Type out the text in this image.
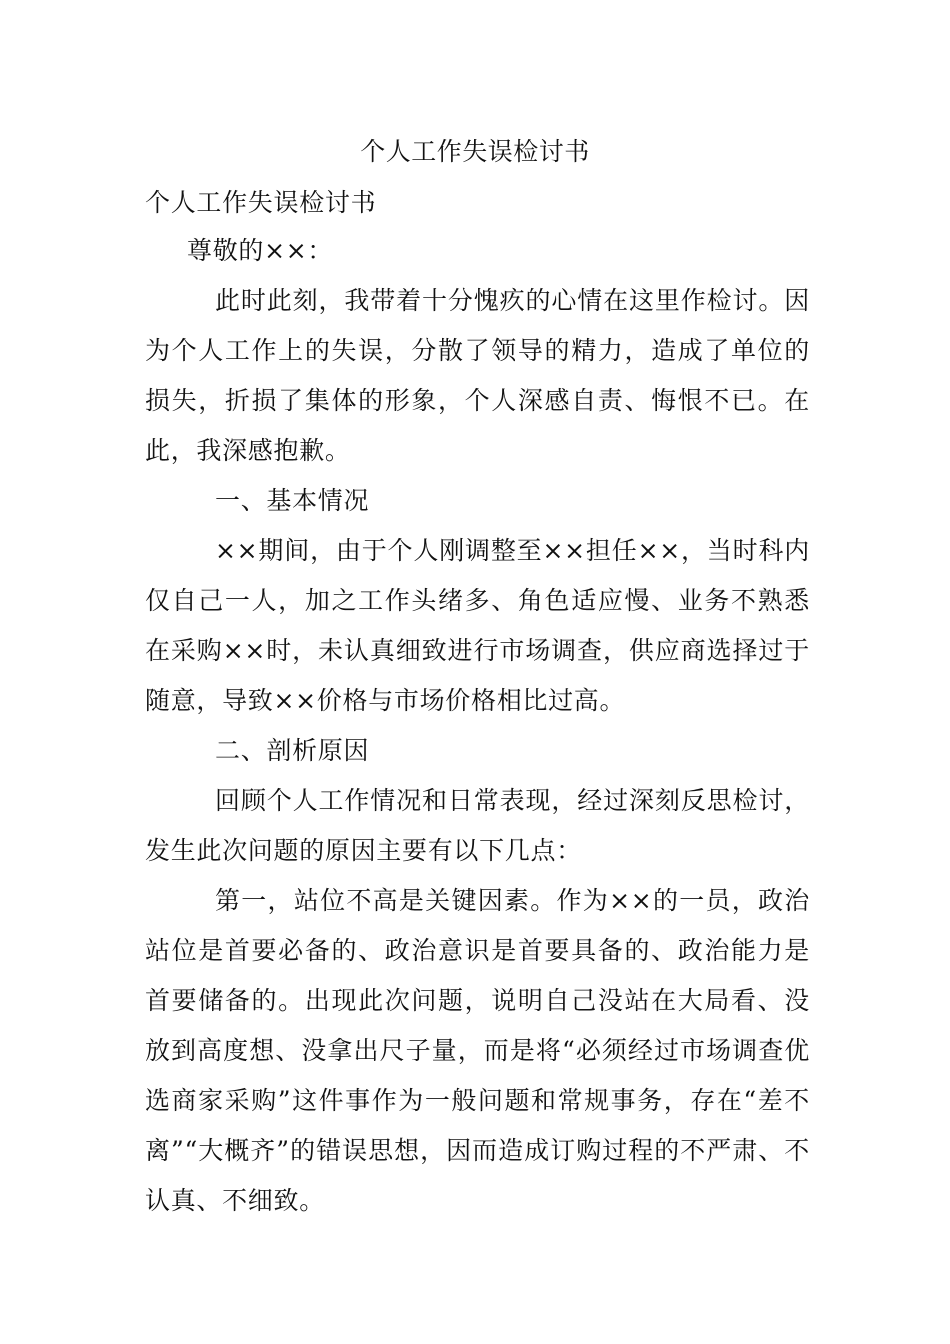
个人工作失误检讨书

个人工作失误检讨书

尊敬的××：

此时此刻，我带着十分愧疚的心情在这里作检讨。因为个人工作上的失误，分散了领导的精力，造成了单位的损失，折损了集体的形象，个人深感自责、悔恨不已。在此，我深感抱歉。

一、基本情况

××期间，由于个人刚调整至××担任××，当时科内仅自己一人，加之工作头绪多、角色适应慢、业务不熟悉在采购××时，未认真细致进行市场调查，供应商选择过于随意，导致××价格与市场价格相比过高。

二、剖析原因

回顾个人工作情况和日常表现，经过深刻反思检讨，发生此次问题的原因主要有以下几点：

第一，站位不高是关键因素。作为××的一员，政治站位是首要必备的、政治意识是首要具备的、政治能力是首要储备的。出现此次问题，说明自己没站在大局看、没放到高度想、没拿出尺子量，而是将“必须经过市场调查优选商家采购”这件事作为一般问题和常规事务，存在“差不离”“大概齐”的错误思想，因而造成订购过程的不严肃、不认真、不细致。
